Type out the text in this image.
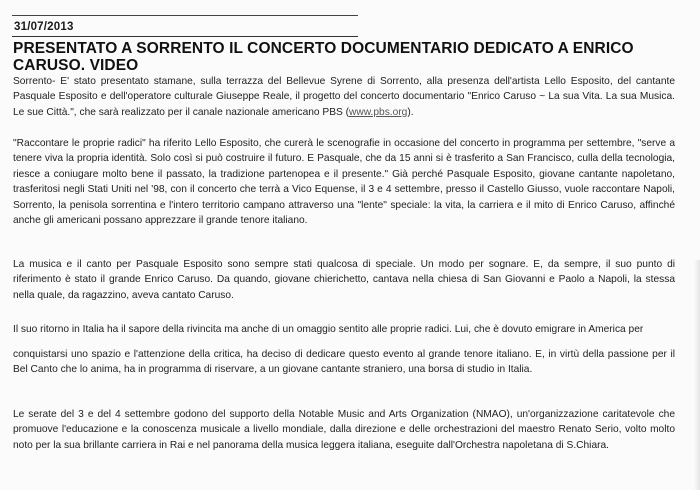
31/07/2013
PRESENTATO A SORRENTO IL CONCERTO DOCUMENTARIO DEDICATO A ENRICO CARUSO. VIDEO
Sorrento- E' stato presentato stamane, sulla terrazza del Bellevue Syrene di Sorrento, alla presenza dell'artista Lello Esposito, del cantante Pasquale Esposito e dell'operatore culturale Giuseppe Reale, il progetto del concerto documentario "Enrico Caruso ~ La sua Vita. La sua Musica. Le sue Città.", che sarà realizzato per il canale nazionale americano PBS (www.pbs.org).
"Raccontare le proprie radici" ha riferito Lello Esposito, che curerà le scenografie in occasione del concerto in programma per settembre, "serve a tenere viva la propria identità. Solo così si può costruire il futuro. E Pasquale, che da 15 anni si è trasferito a San Francisco, culla della tecnologia, riesce a coniugare molto bene il passato, la tradizione partenopea e il presente." Già perché Pasquale Esposito, giovane cantante napoletano, trasferitosi negli Stati Uniti nel '98, con il concerto che terrà a Vico Equense, il 3 e 4 settembre, presso il Castello Giusso, vuole raccontare Napoli, Sorrento, la penisola sorrentina e l'intero territorio campano attraverso una "lente" speciale: la vita, la carriera e il mito di Enrico Caruso, affinché anche gli americani possano apprezzare il grande tenore italiano.
La musica e il canto per Pasquale Esposito sono sempre stati qualcosa di speciale. Un modo per sognare. E, da sempre, il suo punto di riferimento è stato il grande Enrico Caruso. Da quando, giovane chierichetto, cantava nella chiesa di San Giovanni e Paolo a Napoli, la stessa nella quale, da ragazzino, aveva cantato Caruso.
Il suo ritorno in Italia ha il sapore della rivincita ma anche di un omaggio sentito alle proprie radici. Lui, che è dovuto emigrare in America per
conquistarsi uno spazio e l'attenzione della critica, ha deciso di dedicare questo evento al grande tenore italiano. E, in virtù della passione per il Bel Canto che lo anima, ha in programma di riservare, a un giovane cantante straniero, una borsa di studio in Italia.
Le serate del 3 e del 4 settembre godono del supporto della Notable Music and Arts Organization (NMAO), un'organizzazione caritatevole che promuove l'educazione e la conoscenza musicale a livello mondiale, dalla direzione e delle orchestrazioni del maestro Renato Serio, volto molto noto per la sua brillante carriera in Rai e nel panorama della musica leggera italiana, eseguite dall'Orchestra napoletana di S.Chiara.
